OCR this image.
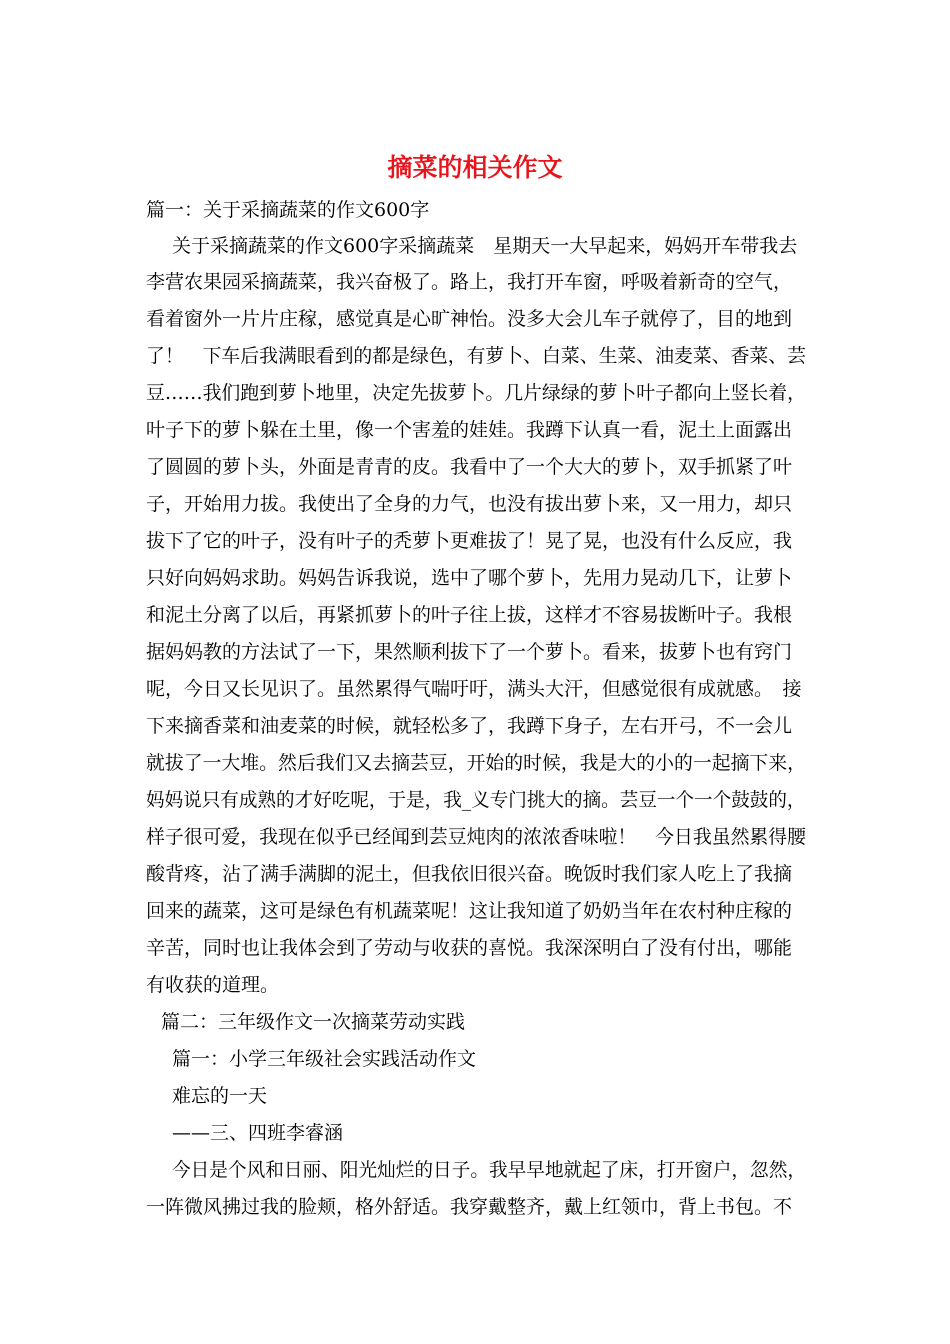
摘菜的相关作文

篇一：关于采摘蔬菜的作文600字

关于采摘蔬菜的作文600字采摘蔬菜　星期天一大早起来，妈妈开车带我去

李营农果园采摘蔬菜，我兴奋极了。路上，我打开车窗，呼吸着新奇的空气，

看着窗外一片片庄稼，感觉真是心旷神怡。没多大会儿车子就停了，目的地到

了！　下车后我满眼看到的都是绿色，有萝卜、白菜、生菜、油麦菜、香菜、芸

豆……我们跑到萝卜地里，决定先拔萝卜。几片绿绿的萝卜叶子都向上竖长着，

叶子下的萝卜躲在土里，像一个害羞的娃娃。我蹲下认真一看，泥土上面露出

了圆圆的萝卜头，外面是青青的皮。我看中了一个大大的萝卜，双手抓紧了叶

子，开始用力拔。我使出了全身的力气，也没有拔出萝卜来，又一用力，却只

拔下了它的叶子，没有叶子的秃萝卜更难拔了！晃了晃，也没有什么反应，我

只好向妈妈求助。妈妈告诉我说，选中了哪个萝卜，先用力晃动几下，让萝卜

和泥土分离了以后，再紧抓萝卜的叶子往上拔，这样才不容易拔断叶子。我根

据妈妈教的方法试了一下，果然顺利拔下了一个萝卜。看来，拔萝卜也有窍门

呢，今日又长见识了。虽然累得气喘吁吁，满头大汗，但感觉很有成就感。　接

下来摘香菜和油麦菜的时候，就轻松多了，我蹲下身子，左右开弓，不一会儿

就拔了一大堆。然后我们又去摘芸豆，开始的时候，我是大的小的一起摘下来，

妈妈说只有成熟的才好吃呢，于是，我_义专门挑大的摘。芸豆一个一个鼓鼓的，

样子很可爱，我现在似乎已经闻到芸豆炖肉的浓浓香味啦！　今日我虽然累得腰

酸背疼，沾了满手满脚的泥土，但我依旧很兴奋。晚饭时我们家人吃上了我摘

回来的蔬菜，这可是绿色有机蔬菜呢！这让我知道了奶奶当年在农村种庄稼的

辛苦，同时也让我体会到了劳动与收获的喜悦。我深深明白了没有付出，哪能

有收获的道理。

篇二：三年级作文一次摘菜劳动实践

篇一：小学三年级社会实践活动作文

难忘的一天

——三、四班李睿涵

今日是个风和日丽、阳光灿烂的日子。我早早地就起了床，打开窗户，忽然，

一阵微风拂过我的脸颊，格外舒适。我穿戴整齐，戴上红领巾，背上书包。不
